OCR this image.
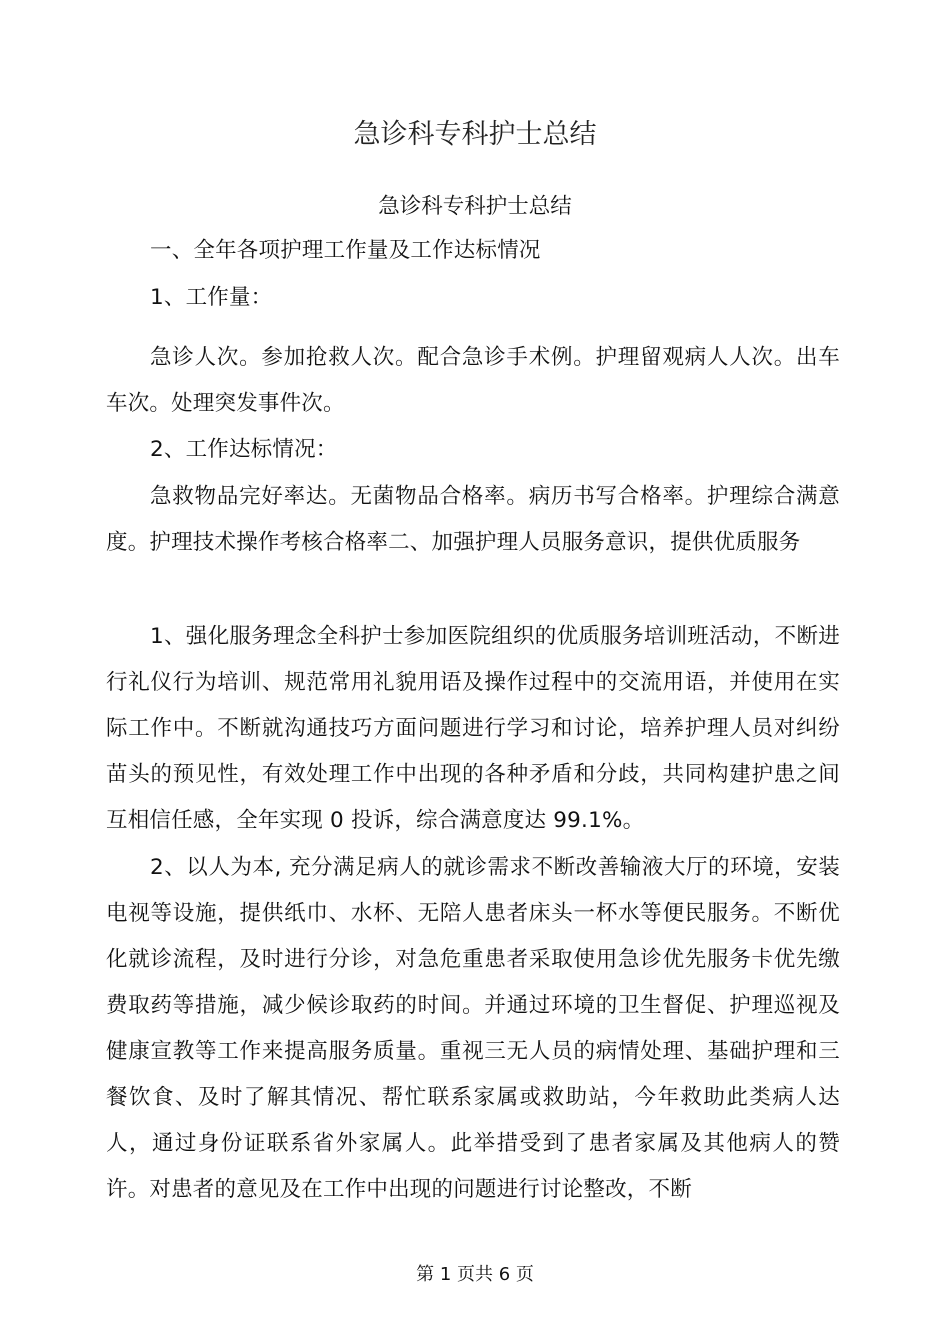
急诊科专科护士总结
急诊科专科护士总结
一、全年各项护理工作量及工作达标情况
1、工作量：
急诊人次。参加抢救人次。配合急诊手术例。护理留观病人人次。出车车次。处理突发事件次。
2、工作达标情况：
急救物品完好率达。无菌物品合格率。病历书写合格率。护理综合满意度。护理技术操作考核合格率二、加强护理人员服务意识，提供优质服务
1、强化服务理念全科护士参加医院组织的优质服务培训班活动，不断进行礼仪行为培训、规范常用礼貌用语及操作过程中的交流用语，并使用在实际工作中。不断就沟通技巧方面问题进行学习和讨论，培养护理人员对纠纷苗头的预见性，有效处理工作中出现的各种矛盾和分歧，共同构建护患之间互相信任感，全年实现 0 投诉，综合满意度达 99.1%。
2、以人为本, 充分满足病人的就诊需求不断改善输液大厅的环境，安装电视等设施，提供纸巾、水杯、无陪人患者床头一杯水等便民服务。不断优化就诊流程，及时进行分诊，对急危重患者采取使用急诊优先服务卡优先缴费取药等措施，减少候诊取药的时间。并通过环境的卫生督促、护理巡视及健康宣教等工作来提高服务质量。重视三无人员的病情处理、基础护理和三餐饮食、及时了解其情况、帮忙联系家属或救助站，今年救助此类病人达人，通过身份证联系省外家属人。此举措受到了患者家属及其他病人的赞许。对患者的意见及在工作中出现的问题进行讨论整改，不断
第 1 页共 6 页
